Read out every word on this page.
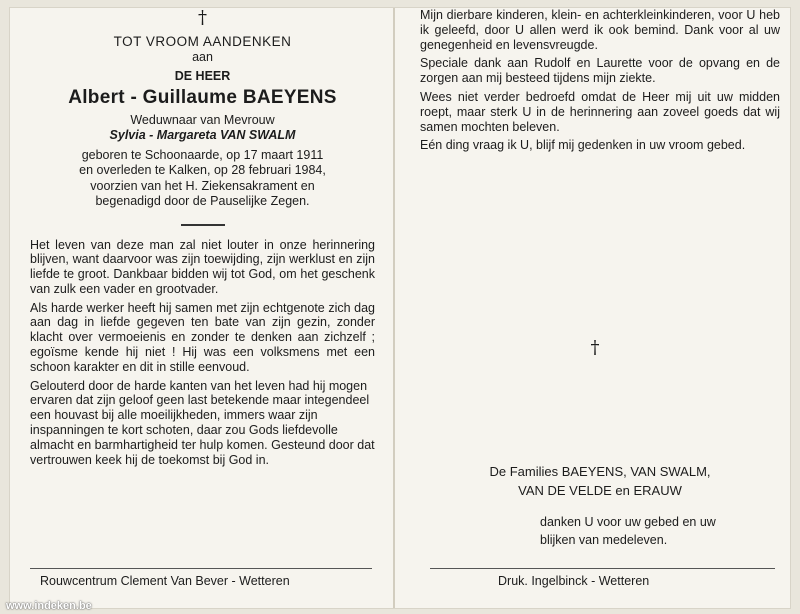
†

TOT VROOM AANDENKEN

aan

DE HEER

Albert - Guillaume BAEYENS

Weduwnaar van Mevrouw

Sylvia - Margareta VAN SWALM

geboren te Schoonaarde, op 17 maart 1911

en overleden te Kalken, op 28 februari 1984,

voorzien van het H. Ziekensakrament en

begenadigd door de Pauselijke Zegen.

Het leven van deze man zal niet louter in onze herinnering blijven, want daarvoor was zijn toewijding, zijn werklust en zijn liefde te groot. Dankbaar bidden wij tot God, om het geschenk van zulk een vader en grootvader.

Als harde werker heeft hij samen met zijn echtgenote zich dag aan dag in liefde gegeven ten bate van zijn gezin, zonder klacht over vermoeienis en zonder te denken aan zichzelf ; egoïsme kende hij niet ! Hij was een volksmens met een schoon karakter en dit in stille eenvoud.

Gelouterd door de harde kanten van het leven had hij mogen ervaren dat zijn geloof geen last betekende maar integendeel een houvast bij alle moeilijkheden, immers waar zijn inspanningen te kort schoten, daar zou Gods liefdevolle almacht en barmhartigheid ter hulp komen. Gesteund door dat vertrouwen keek hij de toekomst bij God in.

Rouwcentrum Clement Van Bever - Wetteren

Mijn dierbare kinderen, klein- en achterkleinkinderen, voor U heb ik geleefd, door U allen werd ik ook bemind. Dank voor al uw genegenheid en levensvreugde.

Speciale dank aan Rudolf en Laurette voor de opvang en de zorgen aan mij besteed tijdens mijn ziekte.

Wees niet verder bedroefd omdat de Heer mij uit uw midden roept, maar sterk U in de herinnering aan zoveel goeds dat wij samen mochten beleven.

Eén ding vraag ik U, blijf mij gedenken in uw vroom gebed.

†
De Families BAEYENS, VAN SWALM,
VAN DE VELDE en ERAUW
danken U voor uw gebed en uw
blijken van medeleven.
Druk. Ingelbinck - Wetteren
www.indeken.be
